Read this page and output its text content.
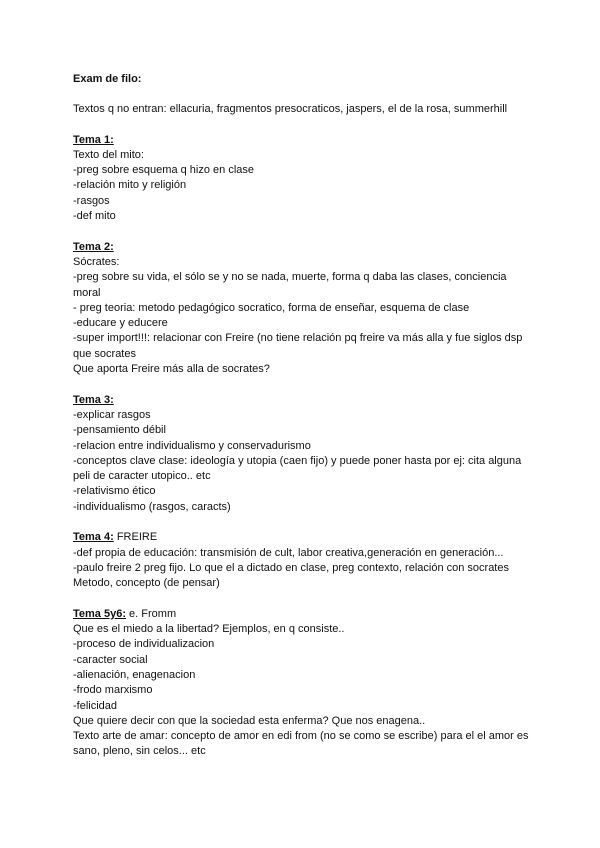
Exam de filo:
Textos q no entran: ellacuria, fragmentos presocraticos, jaspers, el de la rosa, summerhill
Tema 1:
Texto del mito:
-preg sobre esquema q hizo en clase
-relación mito y religión
-rasgos
-def mito
Tema 2:
Sócrates:
-preg sobre su vida, el sólo se y no se nada, muerte, forma q daba las clases, conciencia moral
- preg teoria: metodo pedagógico socratico, forma de enseñar, esquema de clase
-educare y educere
-super import!!!: relacionar con Freire (no tiene relación pq freire va más alla y fue siglos dsp que socrates
Que aporta Freire más alla de socrates?
Tema 3:
-explicar rasgos
-pensamiento débil
-relacion entre individualismo y conservadurismo
-conceptos clave clase: ideología y utopia (caen fijo) y puede poner hasta por ej: cita alguna peli de caracter utopico.. etc
-relativismo ético
-individualismo (rasgos, caracts)
Tema 4: FREIRE
-def propia de educación: transmisión de cult, labor creativa,generación en generación...
-paulo freire 2 preg fijo. Lo que el a dictado en clase, preg contexto, relación con socrates Metodo, concepto (de pensar)
Tema 5y6: e. Fromm
Que es el miedo a la libertad? Ejemplos, en q consiste..
-proceso de individualizacion
-caracter social
-alienación, enagenacion
-frodo marxismo
-felicidad
Que quiere decir con que la sociedad esta enferma? Que nos enagena..
Texto arte de amar: concepto de amor en edi from (no se como se escribe) para el el amor es sano, pleno, sin celos... etc
